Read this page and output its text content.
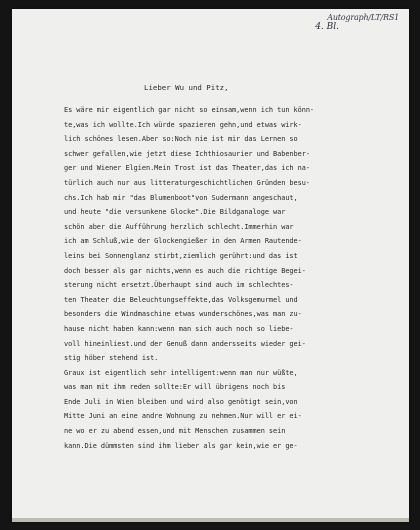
Autograph/LT/RS1
4. Bl.
Lieber Wu und Pitz,
Es wäre mir eigentlich gar nicht so einsam,wenn ich tun könn-
te,was ich wollte.Ich würde spazieren gehn,und etwas wirk-
lich schönes lesen.Aber so:Noch nie ist mir das Lernen so
schwer gefallen,wie jetzt diese Ichthiosaurier und Babenber-
ger und Wiener Elgien.Mein Trost ist das Theater,das ich na-
türlich auch nur aus litteraturgeschichtlichen Gründen besu-
chs.Ich hab mir "das Blumenboot"von Sudermann angeschaut,
und heute "die versunkene Glocke".Die Bildganaloge war
schön aber die Aufführung herzlich schlecht.Immerhin war
ich am Schluß,wie der Glockengießer in den Armen Rautende-
leins bei Sonnenglanz stirbt,ziemlich gerührt:und das ist
doch besser als gar nichts,wenn es auch die richtige Begei-
sterung nicht ersetzt.Überhaupt sind auch im schlechtes-
ten Theater die Beleuchtungseffekte,das Volksgemurmel und
besonders die Windmaschine etwas wunderschönes,was man zu-
hause nicht haben kann:wenn man sich auch noch so liebe-
voll hineinliest.und der Genuß dann andersseits wieder gei-
stig höber stehend ist.
Graux ist eigentlich sehr intelligent:wenn man nur wüßte,
was man mit ihm reden sollte:Er will übrigens noch bis
Ende Juli in Wien bleiben und wird also genötigt sein,von
Mitte Juni an eine andre Wohnung zu nehmen.Nur will er ei-
ne wo er zu abend essen,und mit Menschen zusammen sein
kann.Die dümmsten sind ihm lieber als gar kein,wie er ge-
